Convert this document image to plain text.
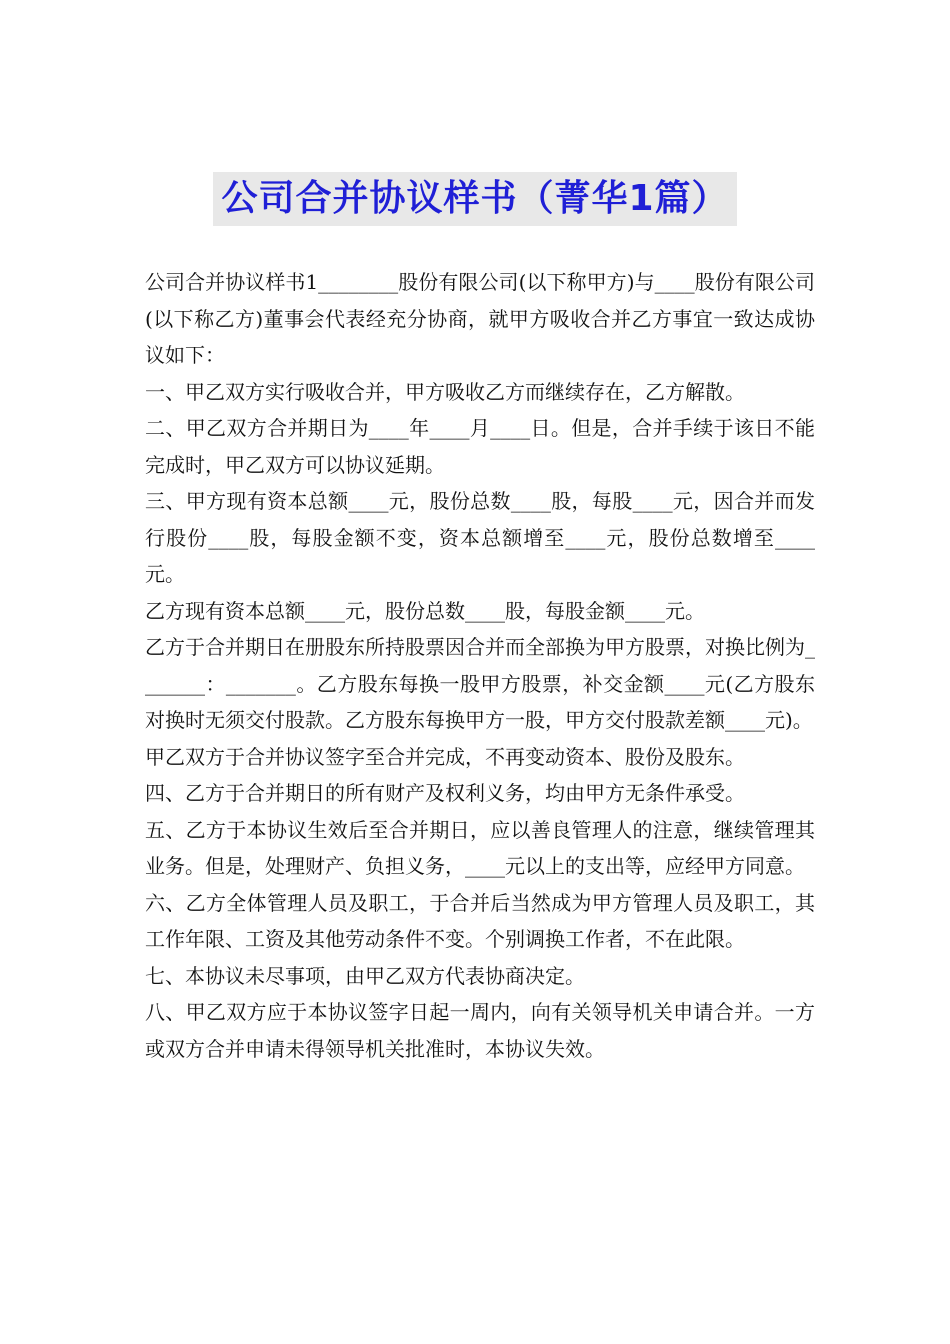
公司合并协议样书（菁华1篇）

公司合并协议样书1________股份有限公司(以下称甲方)与____股份有限公司(以下称乙方)董事会代表经充分协商，就甲方吸收合并乙方事宜一致达成协议如下：

一、甲乙双方实行吸收合并，甲方吸收乙方而继续存在，乙方解散。

二、甲乙双方合并期日为____年____月____日。但是，合并手续于该日不能完成时，甲乙双方可以协议延期。

三、甲方现有资本总额____元，股份总数____股，每股____元，因合并而发行股份____股，每股金额不变，资本总额增至____元，股份总数增至____元。

乙方现有资本总额____元，股份总数____股，每股金额____元。

乙方于合并期日在册股东所持股票因合并而全部换为甲方股票，对换比例为_______：_______。乙方股东每换一股甲方股票，补交金额____元(乙方股东对换时无须交付股款。乙方股东每换甲方一股，甲方交付股款差额____元)。

甲乙双方于合并协议签字至合并完成，不再变动资本、股份及股东。

四、乙方于合并期日的所有财产及权利义务，均由甲方无条件承受。

五、乙方于本协议生效后至合并期日，应以善良管理人的注意，继续管理其业务。但是，处理财产、负担义务，____元以上的支出等，应经甲方同意。

六、乙方全体管理人员及职工，于合并后当然成为甲方管理人员及职工，其工作年限、工资及其他劳动条件不变。个别调换工作者，不在此限。

七、本协议未尽事项，由甲乙双方代表协商决定。

八、甲乙双方应于本协议签字日起一周内，向有关领导机关申请合并。一方或双方合并申请未得领导机关批准时，本协议失效。
